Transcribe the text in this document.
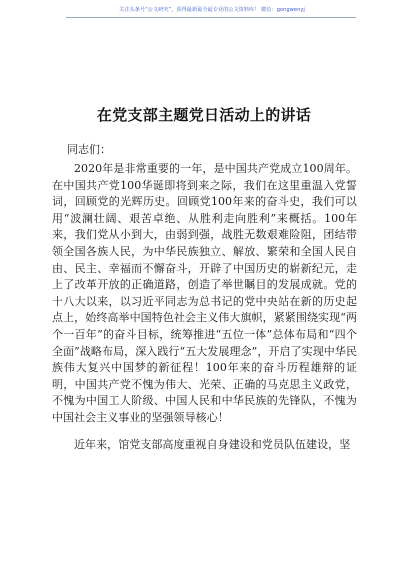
关注头条号“公文研究”，获得最新最全最专业的公文资料库！ 微信：gongwenyj
在党支部主题党日活动上的讲话
同志们：

2020年是非常重要的一年，是中国共产党成立100周年。在中国共产党100华诞即将到来之际，我们在这里重温入党誓词，回顾党的光辉历史。回顾党100年来的奋斗史，我们可以用“波澜壮阔、艰苦卓绝、从胜利走向胜利”来概括。100年来，我们党从小到大，由弱到强，战胜无数艰难险阻，团结带领全国各族人民，为中华民族独立、解放、繁荣和全国人民自由、民主、幸福而不懈奋斗，开辟了中国历史的崭新纪元，走上了改革开放的正确道路，创造了举世瞩目的发展成就。党的十八大以来，以习近平同志为总书记的党中央站在新的历史起点上，始终高举中国特色社会主义伟大旗帜，紧紧围绕实现“两个一百年”的奋斗目标，统筹推进“五位一体”总体布局和“四个全面”战略布局，深入践行“五大发展理念”，开启了实现中华民族伟大复兴中国梦的新征程！100年来的奋斗历程雄辩的证明，中国共产党不愧为伟大、光荣、正确的马克思主义政党，不愧为中国工人阶级、中国人民和中华民族的先锋队，不愧为中国社会主义事业的坚强领导核心！

近年来，馆党支部高度重视自身建设和党员队伍建设，坚
